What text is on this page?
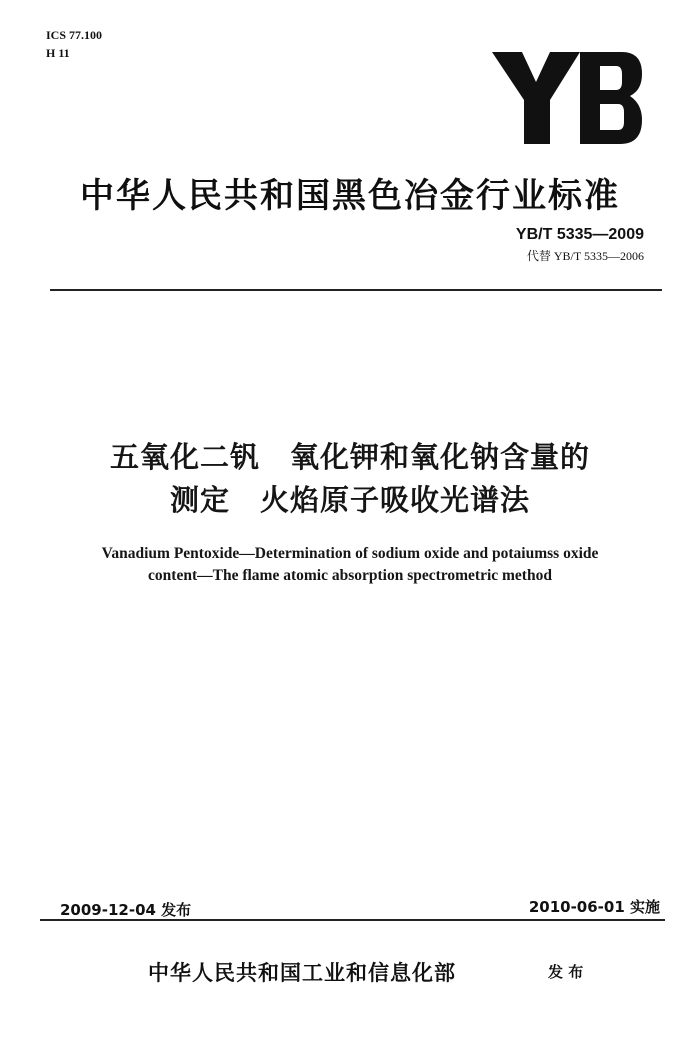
ICS 77.100
H 11
中华人民共和国黑色冶金行业标准
YB/T 5335—2009
代替 YB/T 5335—2006
五氧化二钒　氧化钾和氧化钠含量的
测定　火焰原子吸收光谱法
Vanadium Pentoxide—Determination of sodium oxide and potaiumss oxide
content—The flame atomic absorption spectrometric method
2009-12-04 发布	2010-06-01 实施
中华人民共和国工业和信息化部	发 布
